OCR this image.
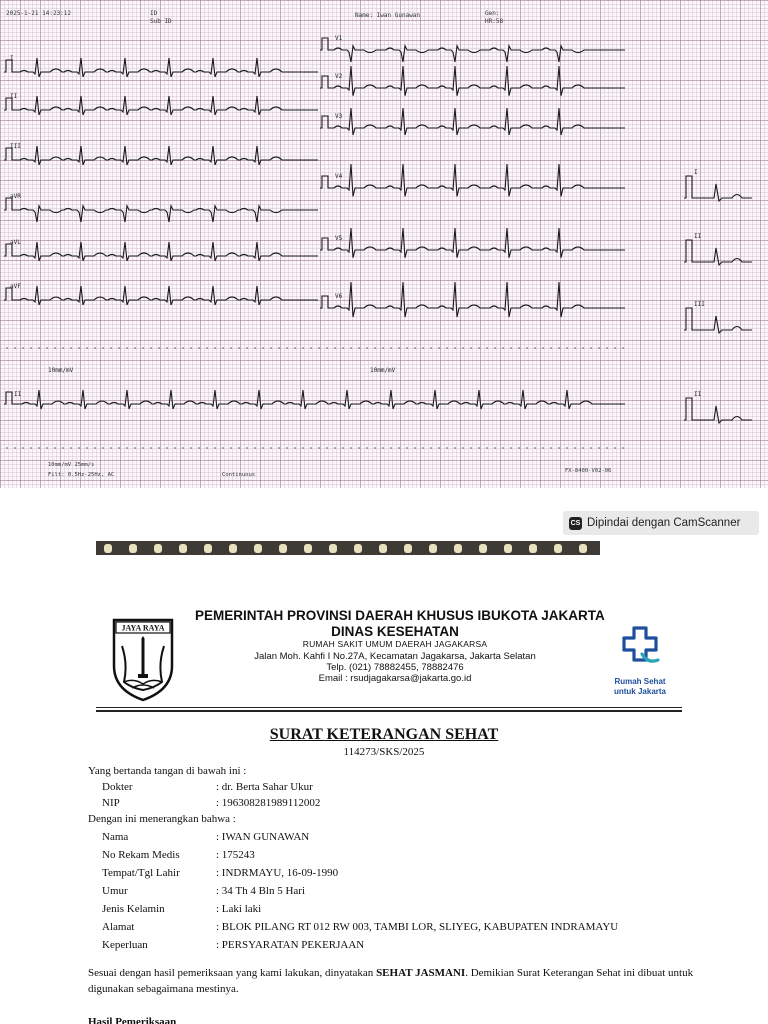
2025-1-21 14:23:12	ID
Sub ID
Name: Iwan Gunawan	Gen:
HR:58
I
II
III
aVR
aVL
aVF
V1
V2
V3
V4
V5
V6
II
10mm/mV	10mm/mV
I
II
III
II
10mm/mV 25mm/s
Filt: 0.5Hz-25Hz, AC	Continuous
FX-8400-V02-06
CS Dipindai dengan CamScanner
JAYA RAYA
PEMERINTAH PROVINSI DAERAH KHUSUS IBUKOTA JAKARTA
DINAS KESEHATAN
RUMAH SAKIT UMUM DAERAH JAGAKARSA
Jalan Moh. Kahfi I No.27A, Kecamatan Jagakarsa, Jakarta Selatan
Telp. (021) 78882455, 78882476
Email : rsudjagakarsa@jakarta.go.id	Rumah Sehat untuk Jakarta
SURAT KETERANGAN SEHAT
114273/SKS/2025
Yang bertanda tangan di bawah ini :
Dokter	: dr. Berta Sahar Ukur
NIP	: 196308281989112002
Dengan ini menerangkan bahwa :
Nama	: IWAN GUNAWAN
No Rekam Medis	: 175243
Tempat/Tgl Lahir	: INDRMAYU, 16-09-1990
Umur	: 34 Th 4 Bln 5 Hari
Jenis Kelamin	: Laki laki
Alamat	: BLOK PILANG RT 012 RW 003, TAMBI LOR, SLIYEG, KABUPATEN INDRAMAYU
Keperluan	: PERSYARATAN PEKERJAAN
Sesuai dengan hasil pemeriksaan yang kami lakukan, dinyatakan SEHAT JASMANI. Demikian Surat Keterangan Sehat ini dibuat untuk digunakan sebagaimana mestinya.
Hasil Pemeriksaan
